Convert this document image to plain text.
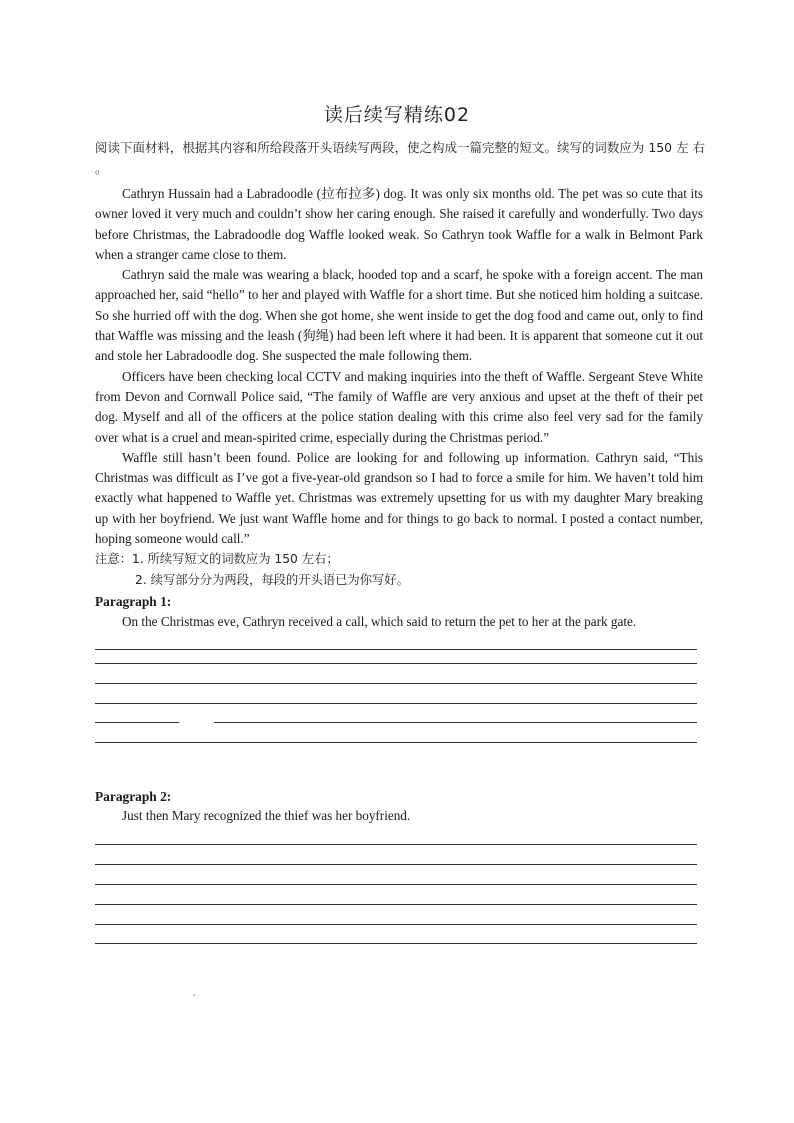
读后续写精练02
阅读下面材料，根据其内容和所给段落开头语续写两段，使之构成一篇完整的短文。续写的词数应为 150 左 右 。

Cathryn Hussain had a Labradoodle (拉布拉多) dog. It was only six months old. The pet was so cute that its owner loved it very much and couldn’t show her caring enough. She raised it carefully and wonderfully. Two days before Christmas, the Labradoodle dog Waffle looked weak. So Cathryn took Waffle for a walk in Belmont Park when a stranger came close to them.

Cathryn said the male was wearing a black, hooded top and a scarf, he spoke with a foreign accent. The man approached her, said “hello” to her and played with Waffle for a short time. But she noticed him holding a suitcase. So she hurried off with the dog. When she got home, she went inside to get the dog food and came out, only to find that Waffle was missing and the leash (狗绳) had been left where it had been. It is apparent that someone cut it out and stole her Labradoodle dog. She suspected the male following them.

Officers have been checking local CCTV and making inquiries into the theft of Waffle. Sergeant Steve White from Devon and Cornwall Police said, “The family of Waffle are very anxious and upset at the theft of their pet dog. Myself and all of the officers at the police station dealing with this crime also feel very sad for the family over what is a cruel and mean-spirited crime, especially during the Christmas period.”

Waffle still hasn’t been found. Police are looking for and following up information. Cathryn said, “This Christmas was difficult as I’ve got a five-year-old grandson so I had to force a smile for him. We haven’t told him exactly what happened to Waffle yet. Christmas was extremely upsetting for us with my daughter Mary breaking up with her boyfriend. We just want Waffle home and for things to go back to normal. I posted a contact number, hoping someone would call.”

注意：1. 所续写短文的词数应为 150 左右；
2. 续写部分分为两段，每段的开头语已为你写好。
Paragraph 1:
On the Christmas eve, Cathryn received a call, which said to return the pet to her at the park gate.
Paragraph 2:
Just then Mary recognized the thief was her boyfriend.
